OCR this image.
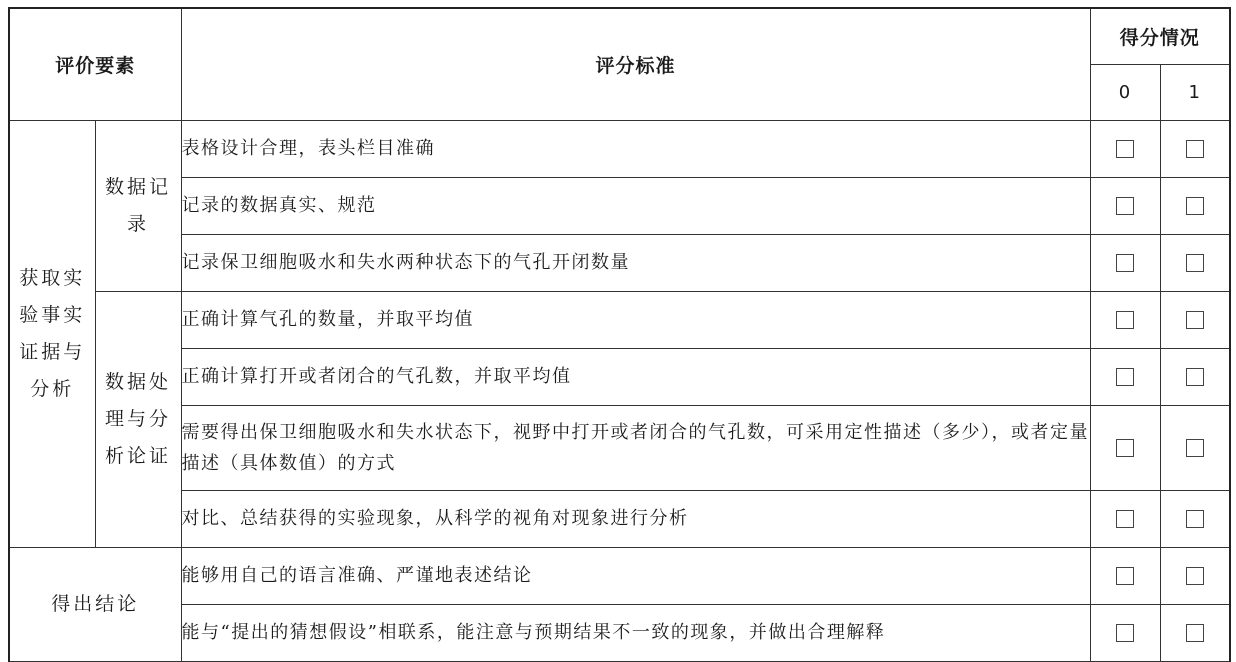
评价要素		评分标准	得分情况	
			0	1
获取实验事实证据与分析	数据记录	表格设计合理，表头栏目准确		
		记录的数据真实、规范		
		记录保卫细胞吸水和失水两种状态下的气孔开闭数量		
	数据处理与分析论证	正确计算气孔的数量，并取平均值		
		正确计算打开或者闭合的气孔数，并取平均值		
		需要得出保卫细胞吸水和失水状态下，视野中打开或者闭合的气孔数，可采用定性描述（多少），或者定量描述（具体数值）的方式		
		对比、总结获得的实验现象，从科学的视角对现象进行分析		
得出结论		能够用自己的语言准确、严谨地表述结论		
		能与“提出的猜想假设”相联系，能注意与预期结果不一致的现象，并做出合理解释		
